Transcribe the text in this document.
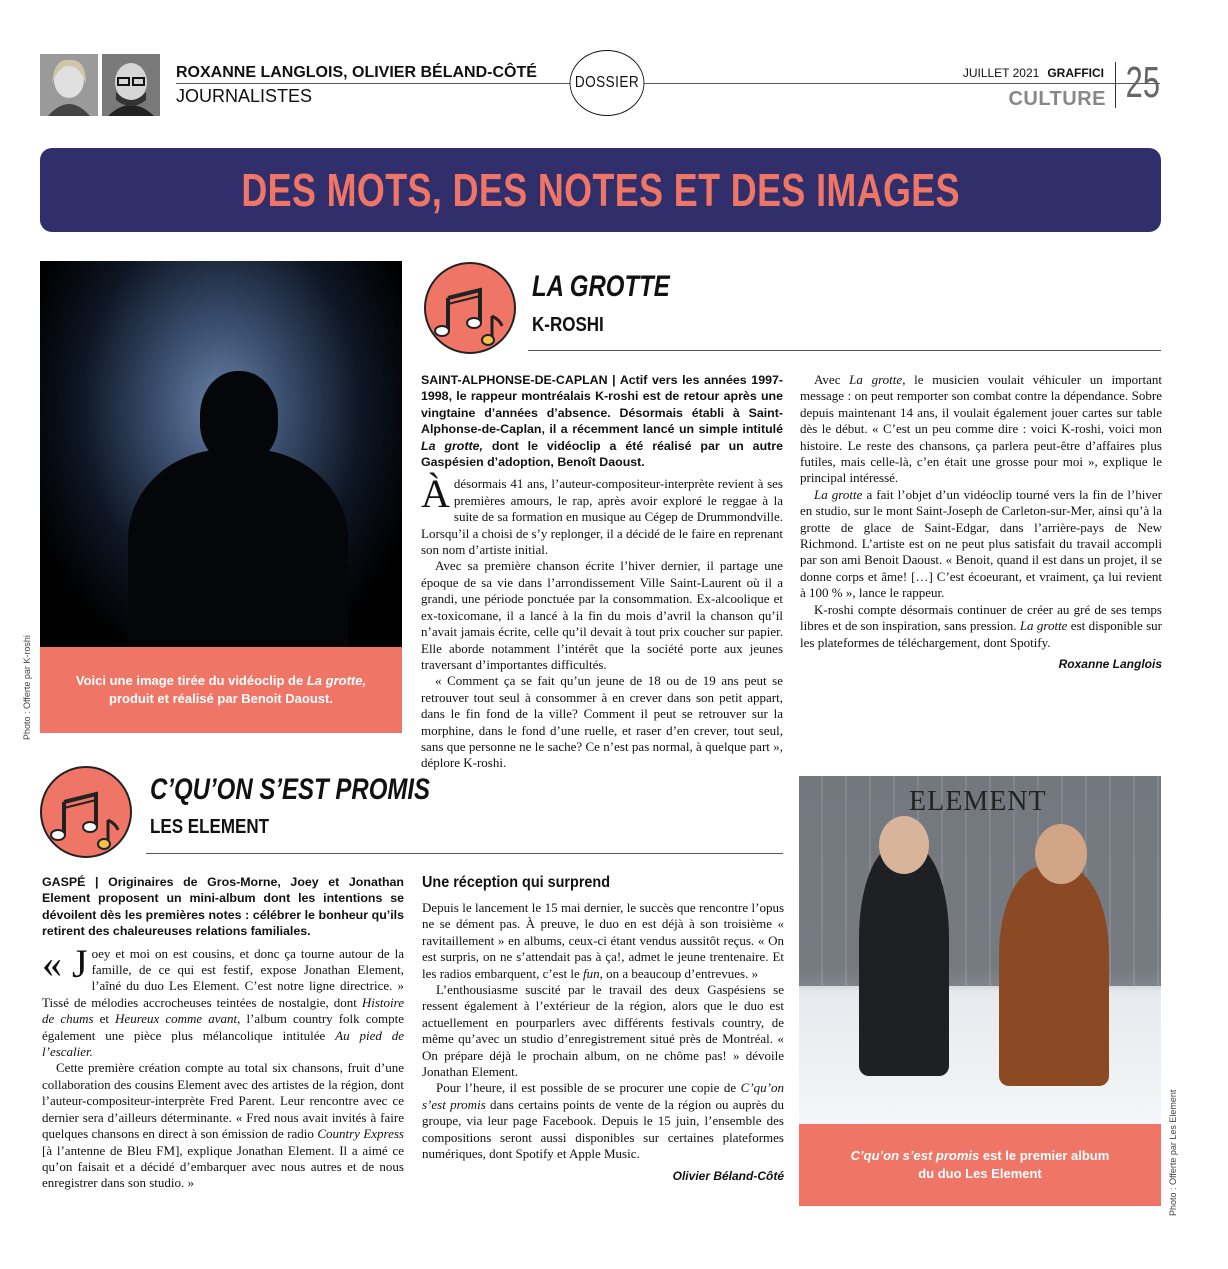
ROXANNE LANGLOIS, OLIVIER BÉLAND-CÔTÉ
JOURNALISTES
DOSSIER
JUILLET 2021 GRAFFICI
CULTURE 25
DES MOTS, DES NOTES ET DES IMAGES
Voici une image tirée du vidéoclip de La grotte, produit et réalisé par Benoit Daoust.
Photo : Offerte par K-roshi
LA GROTTE
K-ROSHI

SAINT-ALPHONSE-DE-CAPLAN | Actif vers les années 1997-1998, le rappeur montréalais K-roshi est de retour après une vingtaine d’années d’absence. Désormais établi à Saint-Alphonse-de-Caplan, il a récemment lancé un simple intitulé La grotte, dont le vidéoclip a été réalisé par un autre Gaspésien d’adoption, Benoît Daoust.

À désormais 41 ans, l’auteur-compositeur-interprète revient à ses premières amours, le rap, après avoir exploré le reggae à la suite de sa formation en musique au Cégep de Drummondville. Lorsqu’il a choisi de s’y replonger, il a décidé de le faire en reprenant son nom d’artiste initial.

Avec sa première chanson écrite l’hiver dernier, il partage une époque de sa vie dans l’arrondissement Ville Saint-Laurent où il a grandi, une période ponctuée par la consommation. Ex-alcoolique et ex-toxicomane, il a lancé à la fin du mois d’avril la chanson qu’il n’avait jamais écrite, celle qu’il devait à tout prix coucher sur papier. Elle aborde notamment l’intérêt que la société porte aux jeunes traversant d’importantes difficultés.

« Comment ça se fait qu’un jeune de 18 ou de 19 ans peut se retrouver tout seul à consommer à en crever dans son petit appart, dans le fin fond de la ville? Comment il peut se retrouver sur la morphine, dans le fond d’une ruelle, et raser d’en crever, tout seul, sans que personne ne le sache? Ce n’est pas normal, à quelque part », déplore K-roshi.

Avec La grotte, le musicien voulait véhiculer un important message : on peut remporter son combat contre la dépendance. Sobre depuis maintenant 14 ans, il voulait également jouer cartes sur table dès le début. « C’est un peu comme dire : voici K-roshi, voici mon histoire. Le reste des chansons, ça parlera peut-être d’affaires plus futiles, mais celle-là, c’en était une grosse pour moi », explique le principal intéressé.

La grotte a fait l’objet d’un vidéoclip tourné vers la fin de l’hiver en studio, sur le mont Saint-Joseph de Carleton-sur-Mer, ainsi qu’à la grotte de glace de Saint-Edgar, dans l’arrière-pays de New Richmond. L’artiste est on ne peut plus satisfait du travail accompli par son ami Benoit Daoust. « Benoit, quand il est dans un projet, il se donne corps et âme! […] C’est écoeurant, et vraiment, ça lui revient à 100 % », lance le rappeur.

K-roshi compte désormais continuer de créer au gré de ses temps libres et de son inspiration, sans pression. La grotte est disponible sur les plateformes de téléchargement, dont Spotify.

Roxanne Langlois
C’QU’ON S’EST PROMIS
LES ELEMENT

GASPÉ | Originaires de Gros-Morne, Joey et Jonathan Element proposent un mini-album dont les intentions se dévoilent dès les premières notes : célébrer le bonheur qu’ils retirent des chaleureuses relations familiales.

« J oey et moi on est cousins, et donc ça tourne autour de la famille, de ce qui est festif, expose Jonathan Element, l’aîné du duo Les Element. C’est notre ligne directrice. » Tissé de mélodies accrocheuses teintées de nostalgie, dont Histoire de chums et Heureux comme avant, l’album country folk compte également une pièce plus mélancolique intitulée Au pied de l’escalier.

Cette première création compte au total six chansons, fruit d’une collaboration des cousins Element avec des artistes de la région, dont l’auteur-compositeur-interprète Fred Parent. Leur rencontre avec ce dernier sera d’ailleurs déterminante. « Fred nous avait invités à faire quelques chansons en direct à son émission de radio Country Express [à l’antenne de Bleu FM], explique Jonathan Element. Il a aimé ce qu’on faisait et a décidé d’embarquer avec nous autres et de nous enregistrer dans son studio. »

Une réception qui surprend

Depuis le lancement le 15 mai dernier, le succès que rencontre l’opus ne se dément pas. À preuve, le duo en est déjà à son troisième « ravitaillement » en albums, ceux-ci étant vendus aussitôt reçus. « On est surpris, on ne s’attendait pas à ça!, admet le jeune trentenaire. Et les radios embarquent, c’est le fun, on a beaucoup d’entrevues. »

L’enthousiasme suscité par le travail des deux Gaspésiens se ressent également à l’extérieur de la région, alors que le duo est actuellement en pourparlers avec différents festivals country, de même qu’avec un studio d’enregistrement situé près de Montréal. « On prépare déjà le prochain album, on ne chôme pas! » dévoile Jonathan Element.

Pour l’heure, il est possible de se procurer une copie de C’qu’on s’est promis dans certains points de vente de la région ou auprès du groupe, via leur page Facebook. Depuis le 15 juin, l’ensemble des compositions seront aussi disponibles sur certaines plateformes numériques, dont Spotify et Apple Music.

Olivier Béland-Côté
ELEMENT
C’qu’on s’est promis est le premier album
du duo Les Element	Photo : Offerte par Les Element
